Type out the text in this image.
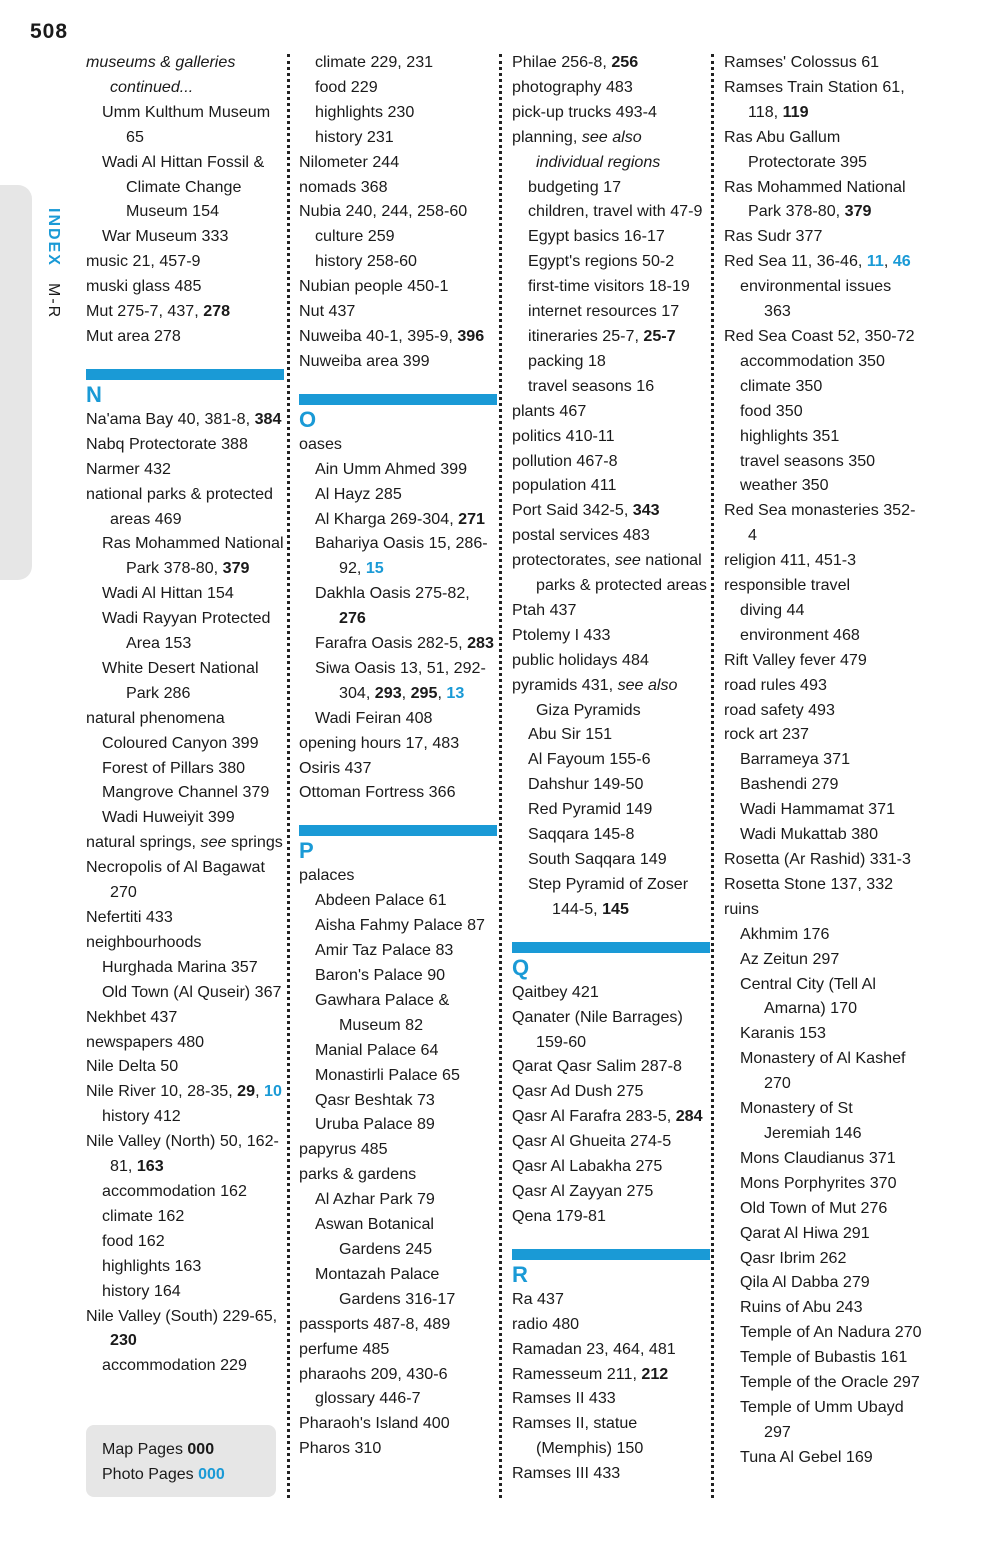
508
INDEX
M-R
museums & galleries
continued...
Umm Kulthum Museum 65
Wadi Al Hittan Fossil & Climate Change Museum 154
War Museum 333
music 21, 457-9
muski glass 485
Mut 275-7, 437, 278
Mut area 278
N
Na'ama Bay 40, 381-8, 384
Nabq Protectorate 388
Narmer 432
national parks & protected areas 469
Ras Mohammed National Park 378-80, 379
Wadi Al Hittan 154
Wadi Rayyan Protected Area 153
White Desert National Park 286
natural phenomena
Coloured Canyon 399
Forest of Pillars 380
Mangrove Channel 379
Wadi Huweiyit 399
natural springs, see springs
Necropolis of Al Bagawat 270
Nefertiti 433
neighbourhoods
Hurghada Marina 357
Old Town (Al Quseir) 367
Nekhbet 437
newspapers 480
Nile Delta 50
Nile River 10, 28-35, 29, 10
history 412
Nile Valley (North) 50, 162-81, 163
accommodation 162
climate 162
food 162
highlights 163
history 164
Nile Valley (South) 229-65, 230
accommodation 229
climate 229, 231
food 229
highlights 230
history 231
Nilometer 244
nomads 368
Nubia 240, 244, 258-60
culture 259
history 258-60
Nubian people 450-1
Nut 437
Nuweiba 40-1, 395-9, 396
Nuweiba area 399
O
oases
Ain Umm Ahmed 399
Al Hayz 285
Al Kharga 269-304, 271
Bahariya Oasis 15, 286-92, 15
Dakhla Oasis 275-82, 276
Farafra Oasis 282-5, 283
Siwa Oasis 13, 51, 292-304, 293, 295, 13
Wadi Feiran 408
opening hours 17, 483
Osiris 437
Ottoman Fortress 366
P
palaces
Abdeen Palace 61
Aisha Fahmy Palace 87
Amir Taz Palace 83
Baron's Palace 90
Gawhara Palace & Museum 82
Manial Palace 64
Monastirli Palace 65
Qasr Beshtak 73
Uruba Palace 89
papyrus 485
parks & gardens
Al Azhar Park 79
Aswan Botanical Gardens 245
Montazah Palace Gardens 316-17
passports 487-8, 489
perfume 485
pharaohs 209, 430-6
glossary 446-7
Pharaoh's Island 400
Pharos 310
Philae 256-8, 256
photography 483
pick-up trucks 493-4
planning, see also individual regions
budgeting 17
children, travel with 47-9
Egypt basics 16-17
Egypt's regions 50-2
first-time visitors 18-19
internet resources 17
itineraries 25-7, 25-7
packing 18
travel seasons 16
plants 467
politics 410-11
pollution 467-8
population 411
Port Said 342-5, 343
postal services 483
protectorates, see national parks & protected areas
Ptah 437
Ptolemy I 433
public holidays 484
pyramids 431, see also Giza Pyramids
Abu Sir 151
Al Fayoum 155-6
Dahshur 149-50
Red Pyramid 149
Saqqara 145-8
South Saqqara 149
Step Pyramid of Zoser 144-5, 145
Q
Qaitbey 421
Qanater (Nile Barrages) 159-60
Qarat Qasr Salim 287-8
Qasr Ad Dush 275
Qasr Al Farafra 283-5, 284
Qasr Al Ghueita 274-5
Qasr Al Labakha 275
Qasr Al Zayyan 275
Qena 179-81
R
Ra 437
radio 480
Ramadan 23, 464, 481
Ramesseum 211, 212
Ramses II 433
Ramses II, statue (Memphis) 150
Ramses III 433
Ramses' Colossus 61
Ramses Train Station 61, 118, 119
Ras Abu Gallum Protectorate 395
Ras Mohammed National Park 378-80, 379
Ras Sudr 377
Red Sea 11, 36-46, 11, 46
environmental issues 363
Red Sea Coast 52, 350-72
accommodation 350
climate 350
food 350
highlights 351
travel seasons 350
weather 350
Red Sea monasteries 352-4
religion 411, 451-3
responsible travel
diving 44
environment 468
Rift Valley fever 479
road rules 493
road safety 493
rock art 237
Barrameya 371
Bashendi 279
Wadi Hammamat 371
Wadi Mukattab 380
Rosetta (Ar Rashid) 331-3
Rosetta Stone 137, 332
ruins
Akhmim 176
Az Zeitun 297
Central City (Tell Al Amarna) 170
Karanis 153
Monastery of Al Kashef 270
Monastery of St Jeremiah 146
Mons Claudianus 371
Mons Porphyrites 370
Old Town of Mut 276
Qarat Al Hiwa 291
Qasr Ibrim 262
Qila Al Dabba 279
Ruins of Abu 243
Temple of An Nadura 270
Temple of Bubastis 161
Temple of the Oracle 297
Temple of Umm Ubayd 297
Tuna Al Gebel 169
Map Pages 000
Photo Pages 000
